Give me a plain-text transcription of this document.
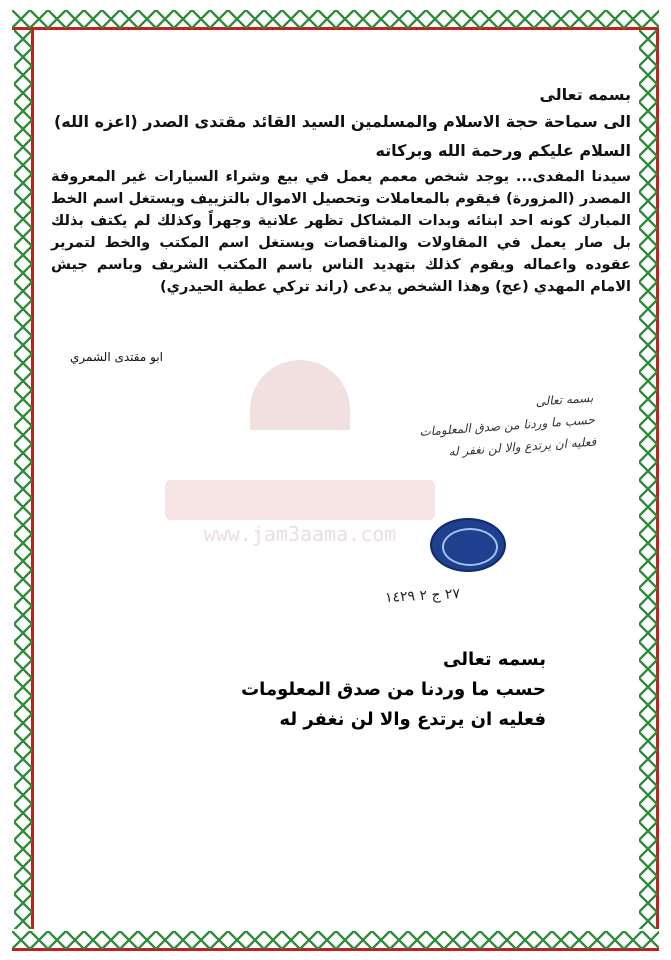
www.jam3aama.com

بسمه تعالى

الى سماحة حجة الاسلام والمسلمين السيد القائد مقتدى الصدر (اعزه الله)

السلام عليكم ورحمة الله وبركاته

سيدنا المفدى... يوجد شخص معمم يعمل في بيع وشراء السيارات غير المعروفة المصدر (المزورة) فيقوم بالمعاملات وتحصيل الاموال بالتزييف ويستغل اسم الخط المبارك كونه احد ابنائه وبدات المشاكل تظهر علانية وجهراً وكذلك لم يكتف بذلك بل صار يعمل في المقاولات والمناقصات ويستغل اسم المكتب والخط لتمرير عقوده واعماله ويقوم كذلك بتهديد الناس باسم المكتب الشريف وباسم جيش الامام المهدي (عج) وهذا الشخص يدعى (راند تركي عطية الحيدري)

ابو مقتدى الشمري
بسمه تعالى
حسب ما وردنا من صدق المعلومات
فعليه ان يرتدع والا لن نغفر له
٢٧ ج ٢ ١٤٢٩

بسمه تعالى

حسب ما وردنا من صدق المعلومات

فعليه ان يرتدع والا لن نغفر له
